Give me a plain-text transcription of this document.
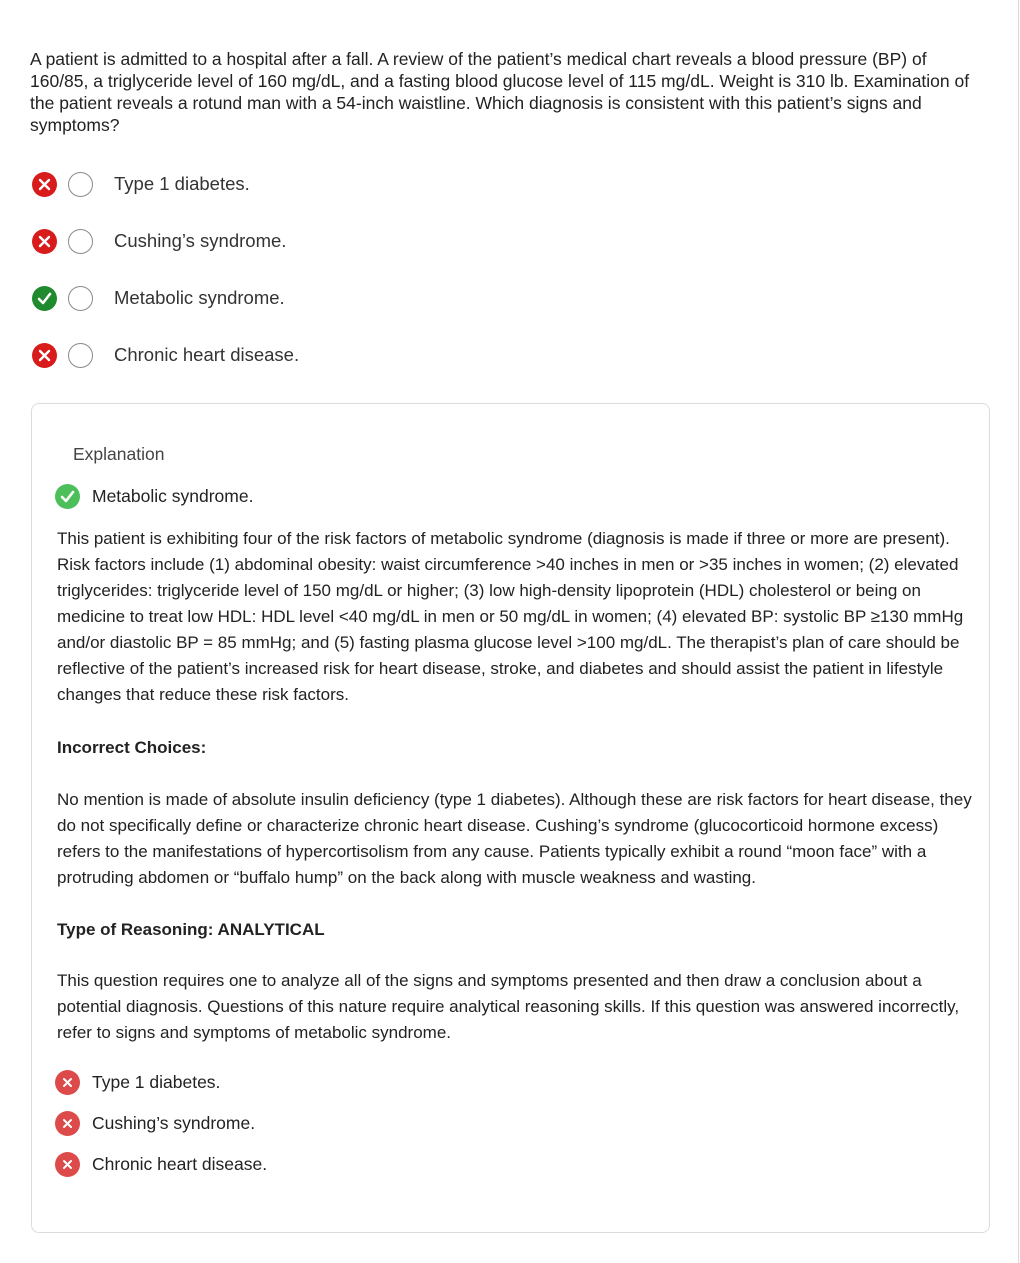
A patient is admitted to a hospital after a fall. A review of the patient’s medical chart reveals a blood pressure (BP) of 160/85, a triglyceride level of 160 mg/dL, and a fasting blood glucose level of 115 mg/dL. Weight is 310 lb. Examination of the patient reveals a rotund man with a 54-inch waistline. Which diagnosis is consistent with this patient’s signs and symptoms?

Type 1 diabetes.
Cushing’s syndrome.
Metabolic syndrome.
Chronic heart disease.
Explanation
Metabolic syndrome.

This patient is exhibiting four of the risk factors of metabolic syndrome (diagnosis is made if three or more are present). Risk factors include (1) abdominal obesity: waist circumference >40 inches in men or >35 inches in women; (2) elevated triglycerides: triglyceride level of 150 mg/dL or higher; (3) low high-density lipoprotein (HDL) cholesterol or being on medicine to treat low HDL: HDL level <40 mg/dL in men or 50 mg/dL in women; (4) elevated BP: systolic BP ≥130 mmHg and/or diastolic BP = 85 mmHg; and (5) fasting plasma glucose level >100 mg/dL. The therapist’s plan of care should be reflective of the patient’s increased risk for heart disease, stroke, and diabetes and should assist the patient in lifestyle changes that reduce these risk factors.

Incorrect Choices:

No mention is made of absolute insulin deficiency (type 1 diabetes). Although these are risk factors for heart disease, they do not specifically define or characterize chronic heart disease. Cushing’s syndrome (glucocorticoid hormone excess) refers to the manifestations of hypercortisolism from any cause. Patients typically exhibit a round “moon face” with a protruding abdomen or “buffalo hump” on the back along with muscle weakness and wasting.

Type of Reasoning: ANALYTICAL

This question requires one to analyze all of the signs and symptoms presented and then draw a conclusion about a potential diagnosis. Questions of this nature require analytical reasoning skills. If this question was answered incorrectly, refer to signs and symptoms of metabolic syndrome.

Type 1 diabetes.
Cushing’s syndrome.
Chronic heart disease.
